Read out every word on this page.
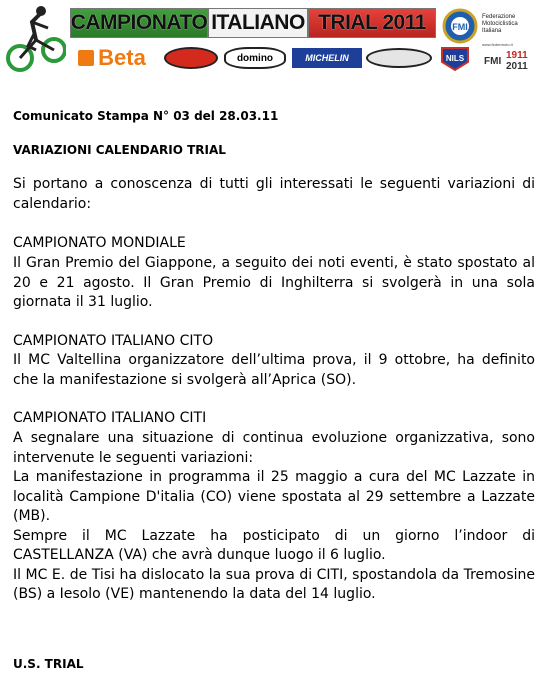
CAMPIONATO ITALIANO TRIAL 2011
Beta	domino	MICHELIN	NILS
FMI
Federazione
Motociclistica
Italiana
www.federmoto.it
FMI
1911
2011
Comunicato Stampa N° 03 del 28.03.11
VARIAZIONI CALENDARIO TRIAL
Si portano a conoscenza di tutti gli interessati le seguenti variazioni di calendario:
CAMPIONATO MONDIALE
Il Gran Premio del Giappone, a seguito dei noti eventi, è stato spostato al 20 e 21 agosto. Il Gran Premio di Inghilterra si svolgerà in una sola giornata il 31 luglio.
CAMPIONATO ITALIANO CITO
Il MC Valtellina organizzatore dell’ultima prova, il 9 ottobre, ha definito che la manifestazione si svolgerà all’Aprica (SO).
CAMPIONATO ITALIANO CITI
A segnalare una situazione di continua evoluzione organizzativa, sono intervenute le seguenti variazioni:
La manifestazione in programma il 25 maggio a cura del MC Lazzate in località Campione D'italia (CO) viene spostata al 29 settembre a Lazzate (MB).
Sempre il MC Lazzate ha posticipato di un giorno l’indoor di CASTELLANZA (VA) che avrà dunque luogo il 6 luglio.
Il MC E. de Tisi ha dislocato la sua prova di CITI, spostandola da Tremosine (BS) a Iesolo (VE) mantenendo la data del 14 luglio.
U.S. TRIAL
